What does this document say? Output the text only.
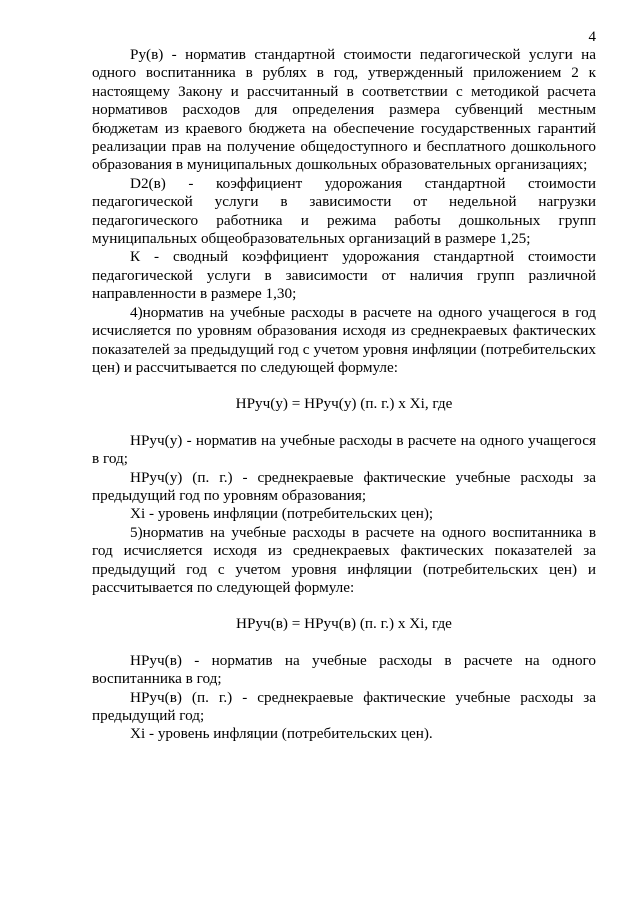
4

Ру(в) - норматив стандартной стоимости педагогической услуги на одного воспитанника в рублях в год, утвержденный приложением 2 к настоящему Закону и рассчитанный в соответствии с методикой расчета нормативов расходов для определения размера субвенций местным бюджетам из краевого бюджета на обеспечение государственных гарантий реализации прав на получение общедоступного и бесплатного дошкольного образования в муниципальных дошкольных образовательных организациях;

D2(в) - коэффициент удорожания стандартной стоимости педагогической услуги в зависимости от недельной нагрузки педагогического работника и режима работы дошкольных групп муниципальных общеобразовательных организаций в размере 1,25;

К - сводный коэффициент удорожания стандартной стоимости педагогической услуги в зависимости от наличия групп различной направленности в размере 1,30;

4)норматив на учебные расходы в расчете на одного учащегося в год исчисляется по уровням образования исходя из среднекраевых фактических показателей за предыдущий год с учетом уровня инфляции (потребительских цен) и рассчитывается по следующей формуле:

НРуч(у) = НРуч(у) (п. г.) х Хi, где

НРуч(у) - норматив на учебные расходы в расчете на одного учащегося в год;

НРуч(у) (п. г.) - среднекраевые фактические учебные расходы за предыдущий год по уровням образования;

Хi - уровень инфляции (потребительских цен);

5)норматив на учебные расходы в расчете на одного воспитанника в год исчисляется исходя из среднекраевых фактических показателей за предыдущий год с учетом уровня инфляции (потребительских цен) и рассчитывается по следующей формуле:

НРуч(в) = НРуч(в) (п. г.) х Хi, где

НРуч(в) - норматив на учебные расходы в расчете на одного воспитанника в год;

НРуч(в) (п. г.) - среднекраевые фактические учебные расходы за предыдущий год;

Хi - уровень инфляции (потребительских цен).
